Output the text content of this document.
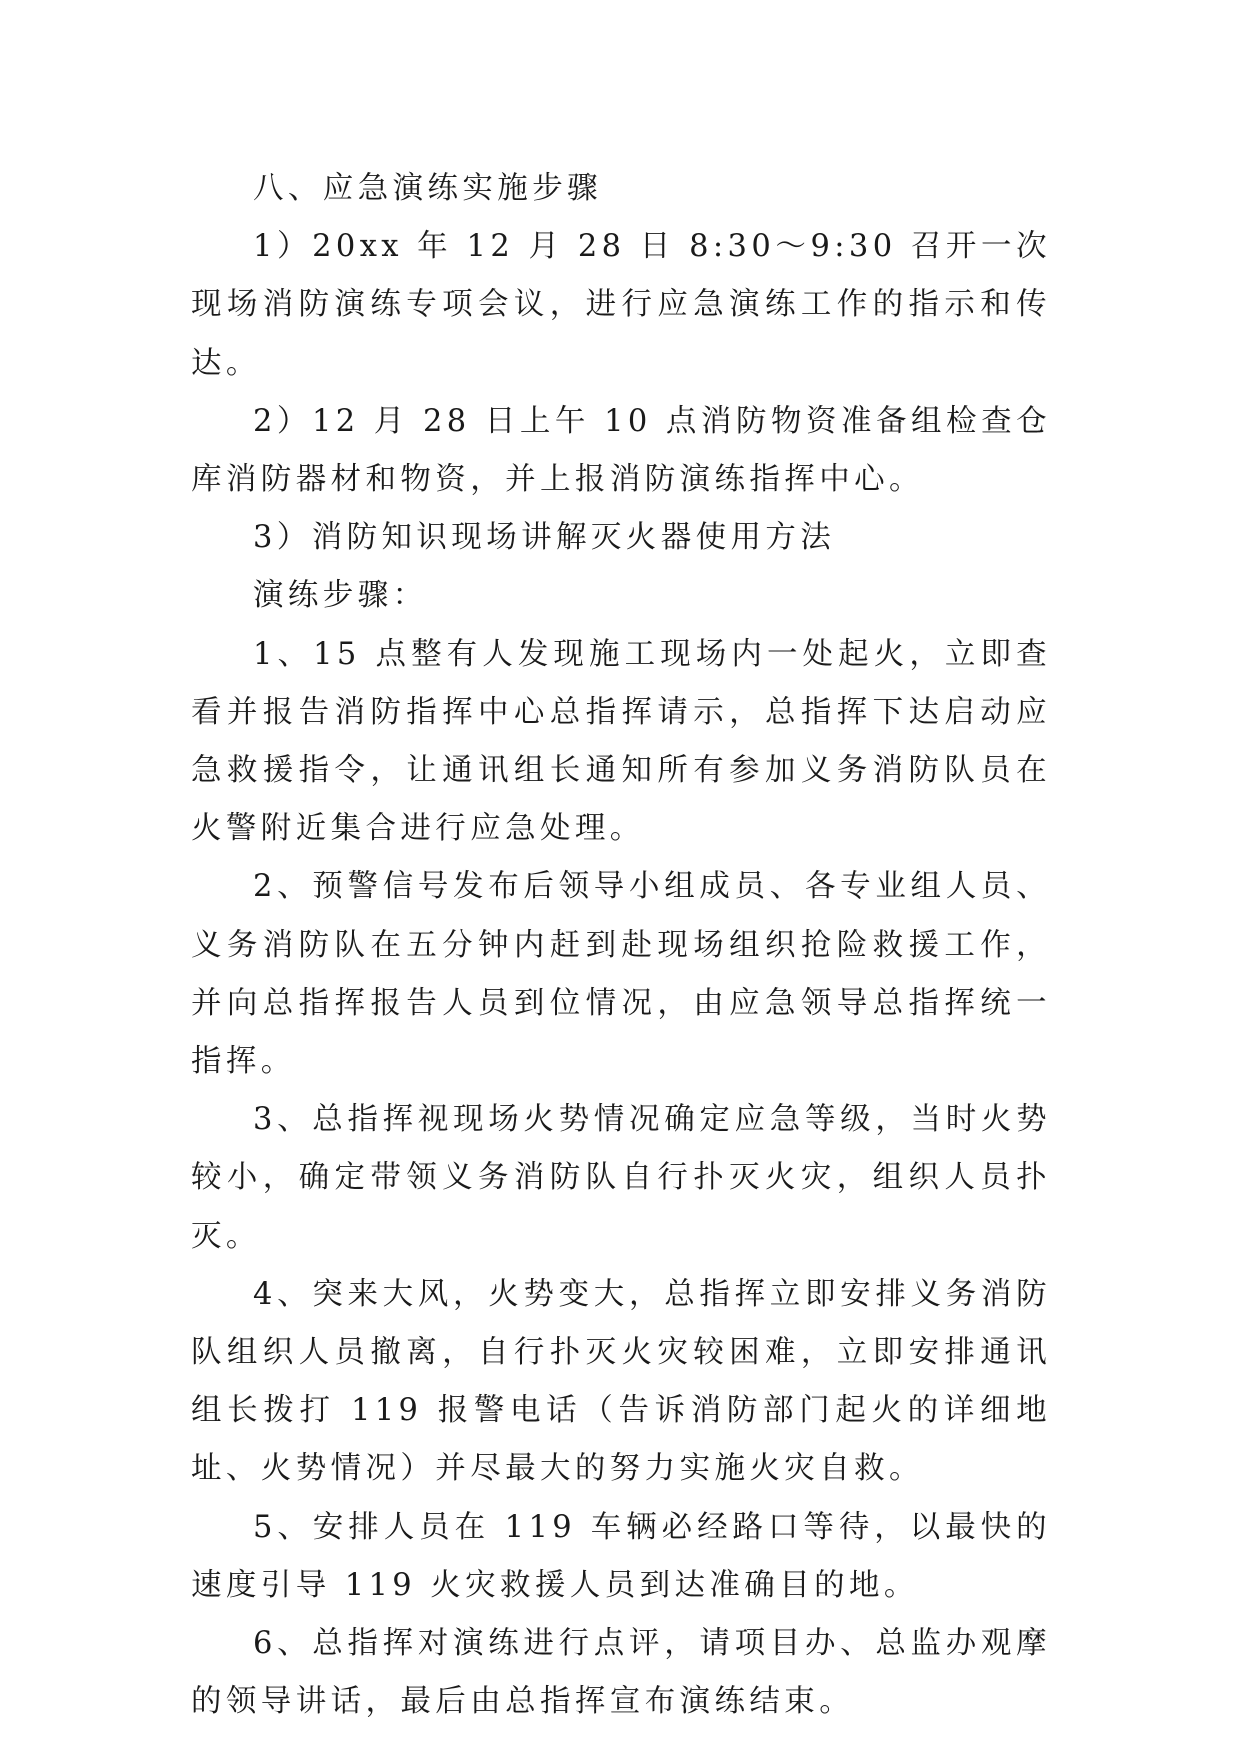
八、应急演练实施步骤

1）20xx 年 12 月 28 日 8:30～9:30 召开一次现场消防演练专项会议，进行应急演练工作的指示和传达。

2）12 月 28 日上午 10 点消防物资准备组检查仓库消防器材和物资，并上报消防演练指挥中心。

3）消防知识现场讲解灭火器使用方法

演练步骤：

1、15 点整有人发现施工现场内一处起火，立即查看并报告消防指挥中心总指挥请示，总指挥下达启动应急救援指令，让通讯组长通知所有参加义务消防队员在火警附近集合进行应急处理。

2、预警信号发布后领导小组成员、各专业组人员、义务消防队在五分钟内赶到赴现场组织抢险救援工作，并向总指挥报告人员到位情况，由应急领导总指挥统一指挥。

3、总指挥视现场火势情况确定应急等级，当时火势较小，确定带领义务消防队自行扑灭火灾，组织人员扑灭。

4、突来大风，火势变大，总指挥立即安排义务消防队组织人员撤离，自行扑灭火灾较困难，立即安排通讯组长拨打 119 报警电话（告诉消防部门起火的详细地址、火势情况）并尽最大的努力实施火灾自救。

5、安排人员在 119 车辆必经路口等待，以最快的速度引导 119 火灾救援人员到达准确目的地。

6、总指挥对演练进行点评，请项目办、总监办观摩的领导讲话，最后由总指挥宣布演练结束。
